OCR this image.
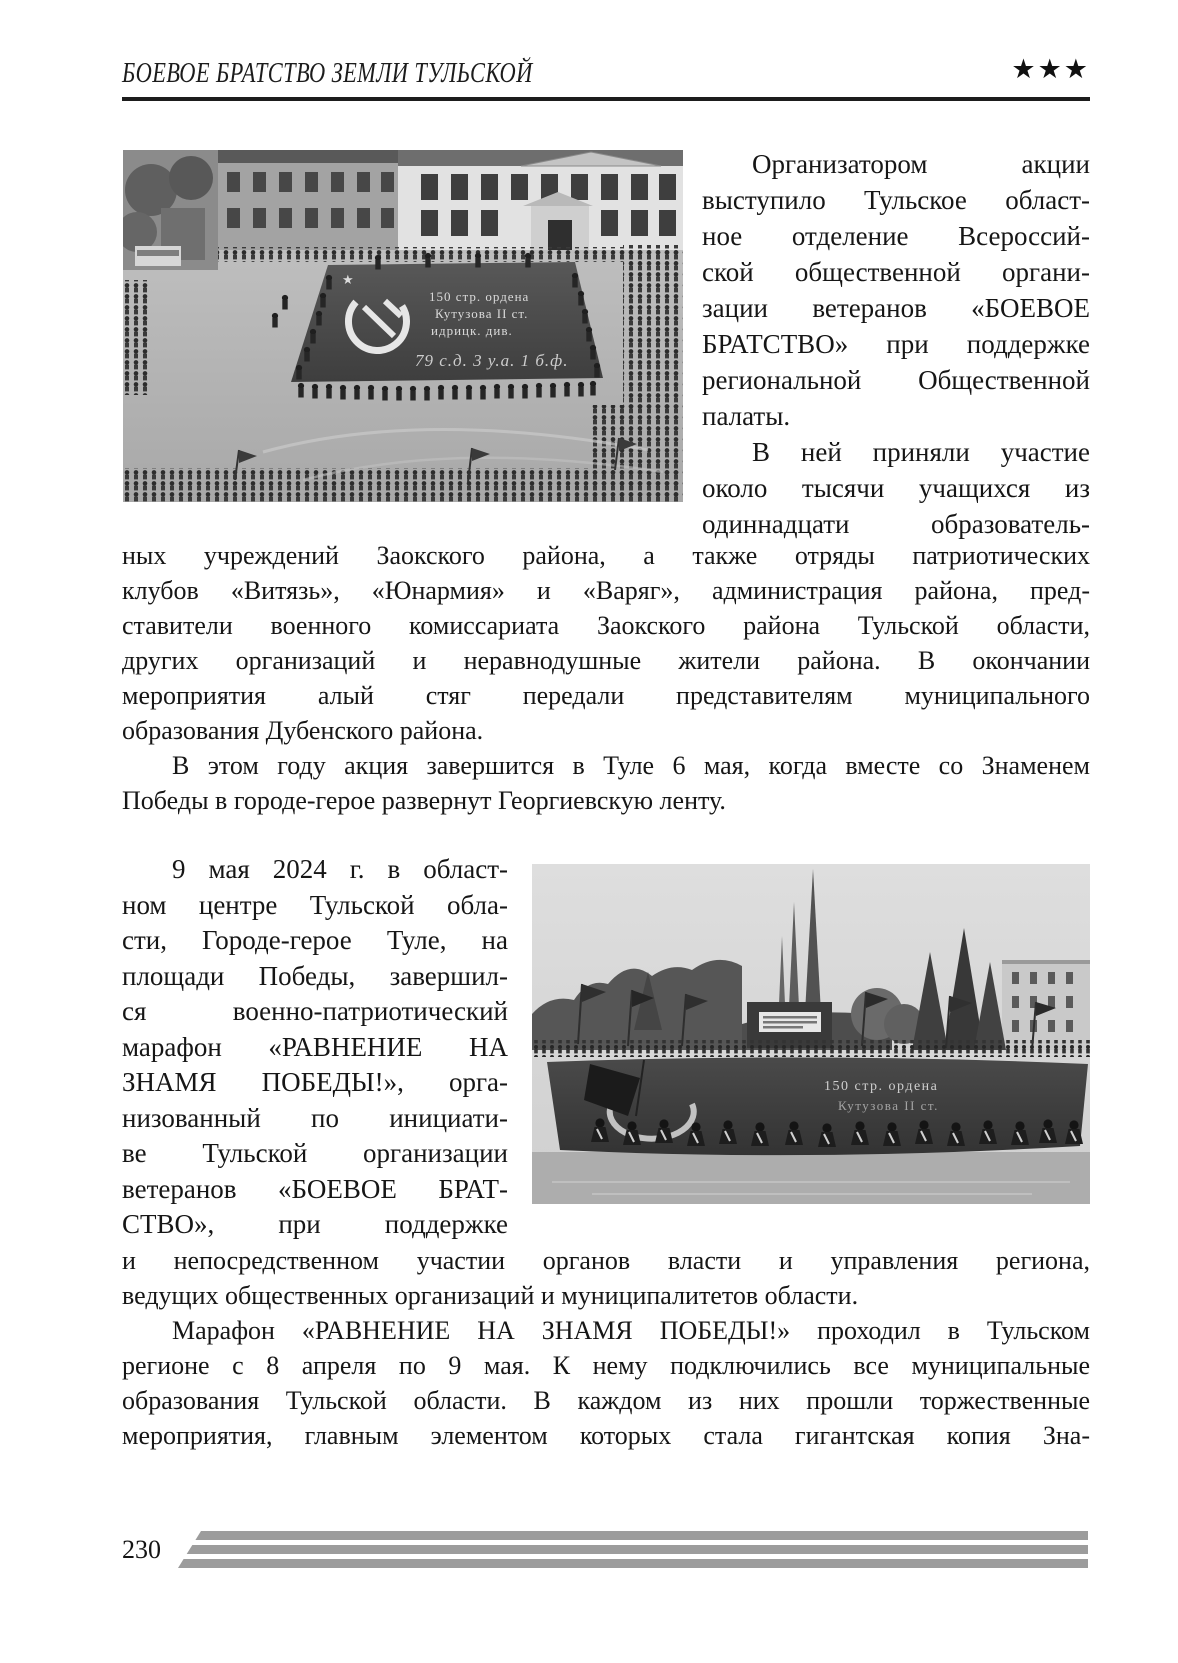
БОЕВОЕ БРАТСТВО ЗЕМЛИ ТУЛЬСКОЙ	★★★
★
150 стр. ордена
Кутузова II ст.
идрицк. див.
79 с.д. 3 у.а. 1 б.ф.
Организатором акции
выступило Тульское област-
ное отделение Всероссий-
ской общественной органи-
зации ветеранов «БОЕВОЕ
БРАТСТВО» при поддержке
региональной Общественной
палаты.
В ней приняли участие
около тысячи учащихся из
одиннадцати образователь-
ных учреждений Заокского района, а также отряды патриотических
клубов «Витязь», «Юнармия» и «Варяг», администрация района, пред-
ставители военного комиссариата Заокского района Тульской области,
других организаций и неравнодушные жители района. В окончании
мероприятия алый стяг передали представителям муниципального
образования Дубенского района.
В этом году акция завершится в Туле 6 мая, когда вместе со Знаменем
Победы в городе-герое развернут Георгиевскую ленту.
9 мая 2024 г. в област-
ном центре Тульской обла-
сти, Городе-герое Туле, на
площади Победы, завершил-
ся военно-патриотический
марафон «РАВНЕНИЕ НА
ЗНАМЯ ПОБЕДЫ!», орга-
низованный по инициати-
ве Тульской организации
ветеранов «БОЕВОЕ БРАТ-
СТВО», при поддержке
150 стр. ордена
Кутузова II ст.
и непосредственном участии органов власти и управления региона,
ведущих общественных организаций и муниципалитетов области.
Марафон «РАВНЕНИЕ НА ЗНАМЯ ПОБЕДЫ!» проходил в Тульском
регионе с 8 апреля по 9 мая. К нему подключились все муниципальные
образования Тульской области. В каждом из них прошли торжественные
мероприятия, главным элементом которых стала гигантская копия Зна-
230
